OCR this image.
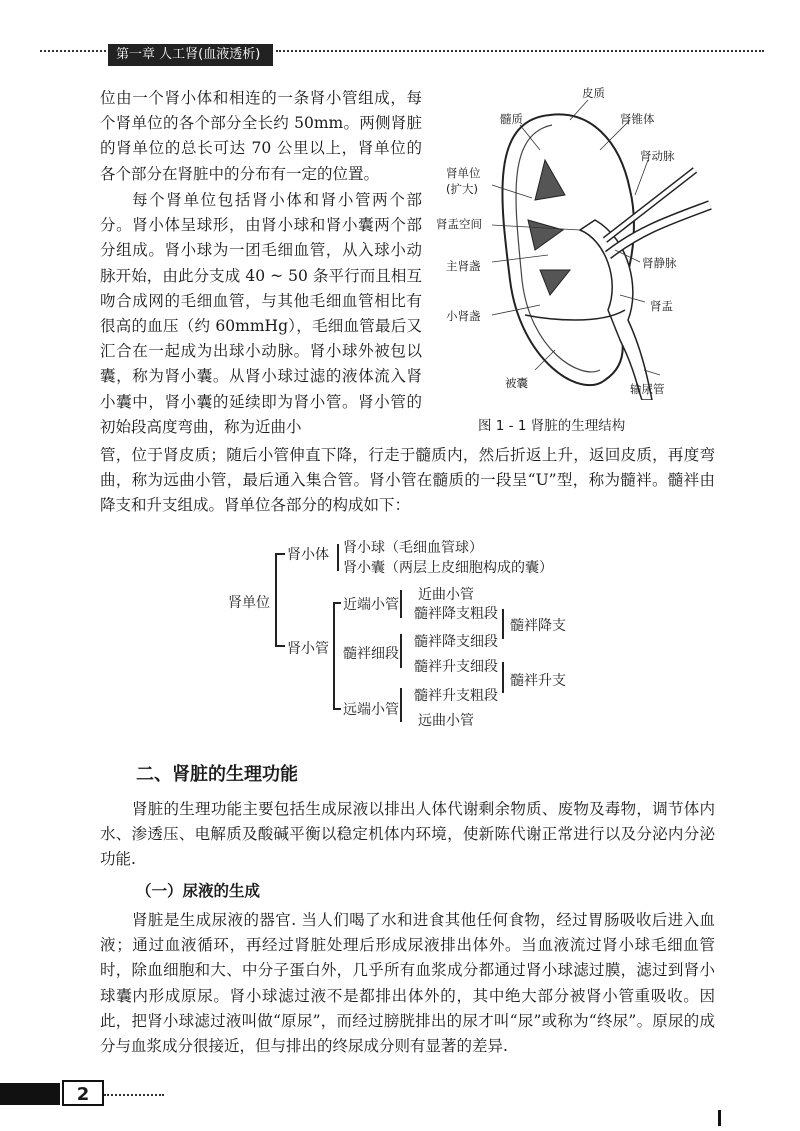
第一章 人工肾(血液透析)

位由一个肾小体和相连的一条肾小管组成，每个肾单位的各个部分全长约 50mm。两侧肾脏的肾单位的总长可达 70 公里以上，肾单位的各个部分在肾脏中的分布有一定的位置。

每个肾单位包括肾小体和肾小管两个部分。肾小体呈球形，由肾小球和肾小囊两个部分组成。肾小球为一团毛细血管，从入球小动脉开始，由此分支成 40 ~ 50 条平行而且相互吻合成网的毛细血管，与其他毛细血管相比有很高的血压（约 60mmHg），毛细血管最后又汇合在一起成为出球小动脉。肾小球外被包以囊，称为肾小囊。从肾小球过滤的液体流入肾小囊中，肾小囊的延续即为肾小管。肾小管的初始段高度弯曲，称为近曲小

管，位于肾皮质；随后小管伸直下降，行走于髓质内，然后折返上升，返回皮质，再度弯曲，称为远曲小管，最后通入集合管。肾小管在髓质的一段呈“U”型，称为髓袢。髓袢由降支和升支组成。肾单位各部分的构成如下：

皮质
髓质	肾锥体
肾动脉
肾单位
(扩大)
肾盂空间
主肾盏	肾静脉
小肾盏
肾盂
被囊	输尿管
图 1 - 1 肾脏的生理结构
肾单位
肾小体 肾小球（毛细血管球）
肾小囊（两层上皮细胞构成的囊）
肾小管
近端小管
近曲小管
髓袢降支粗段
髓袢细段
髓袢降支细段
髓袢升支细段
远端小管
髓袢升支粗段
远曲小管
髓袢降支
髓袢升支
二、肾脏的生理功能

肾脏的生理功能主要包括生成尿液以排出人体代谢剩余物质、废物及毒物，调节体内水、渗透压、电解质及酸碱平衡以稳定机体内环境，使新陈代谢正常进行以及分泌内分泌功能.

（一）尿液的生成

肾脏是生成尿液的器官. 当人们喝了水和进食其他任何食物，经过胃肠吸收后进入血液；通过血液循环，再经过肾脏处理后形成尿液排出体外。当血液流过肾小球毛细血管时，除血细胞和大、中分子蛋白外，几乎所有血浆成分都通过肾小球滤过膜，滤过到肾小球囊内形成原尿。肾小球滤过液不是都排出体外的，其中绝大部分被肾小管重吸收。因此，把肾小球滤过液叫做“原尿”，而经过膀胱排出的尿才叫“尿”或称为“终尿”。原尿的成分与血浆成分很接近，但与排出的终尿成分则有显著的差异.

2
